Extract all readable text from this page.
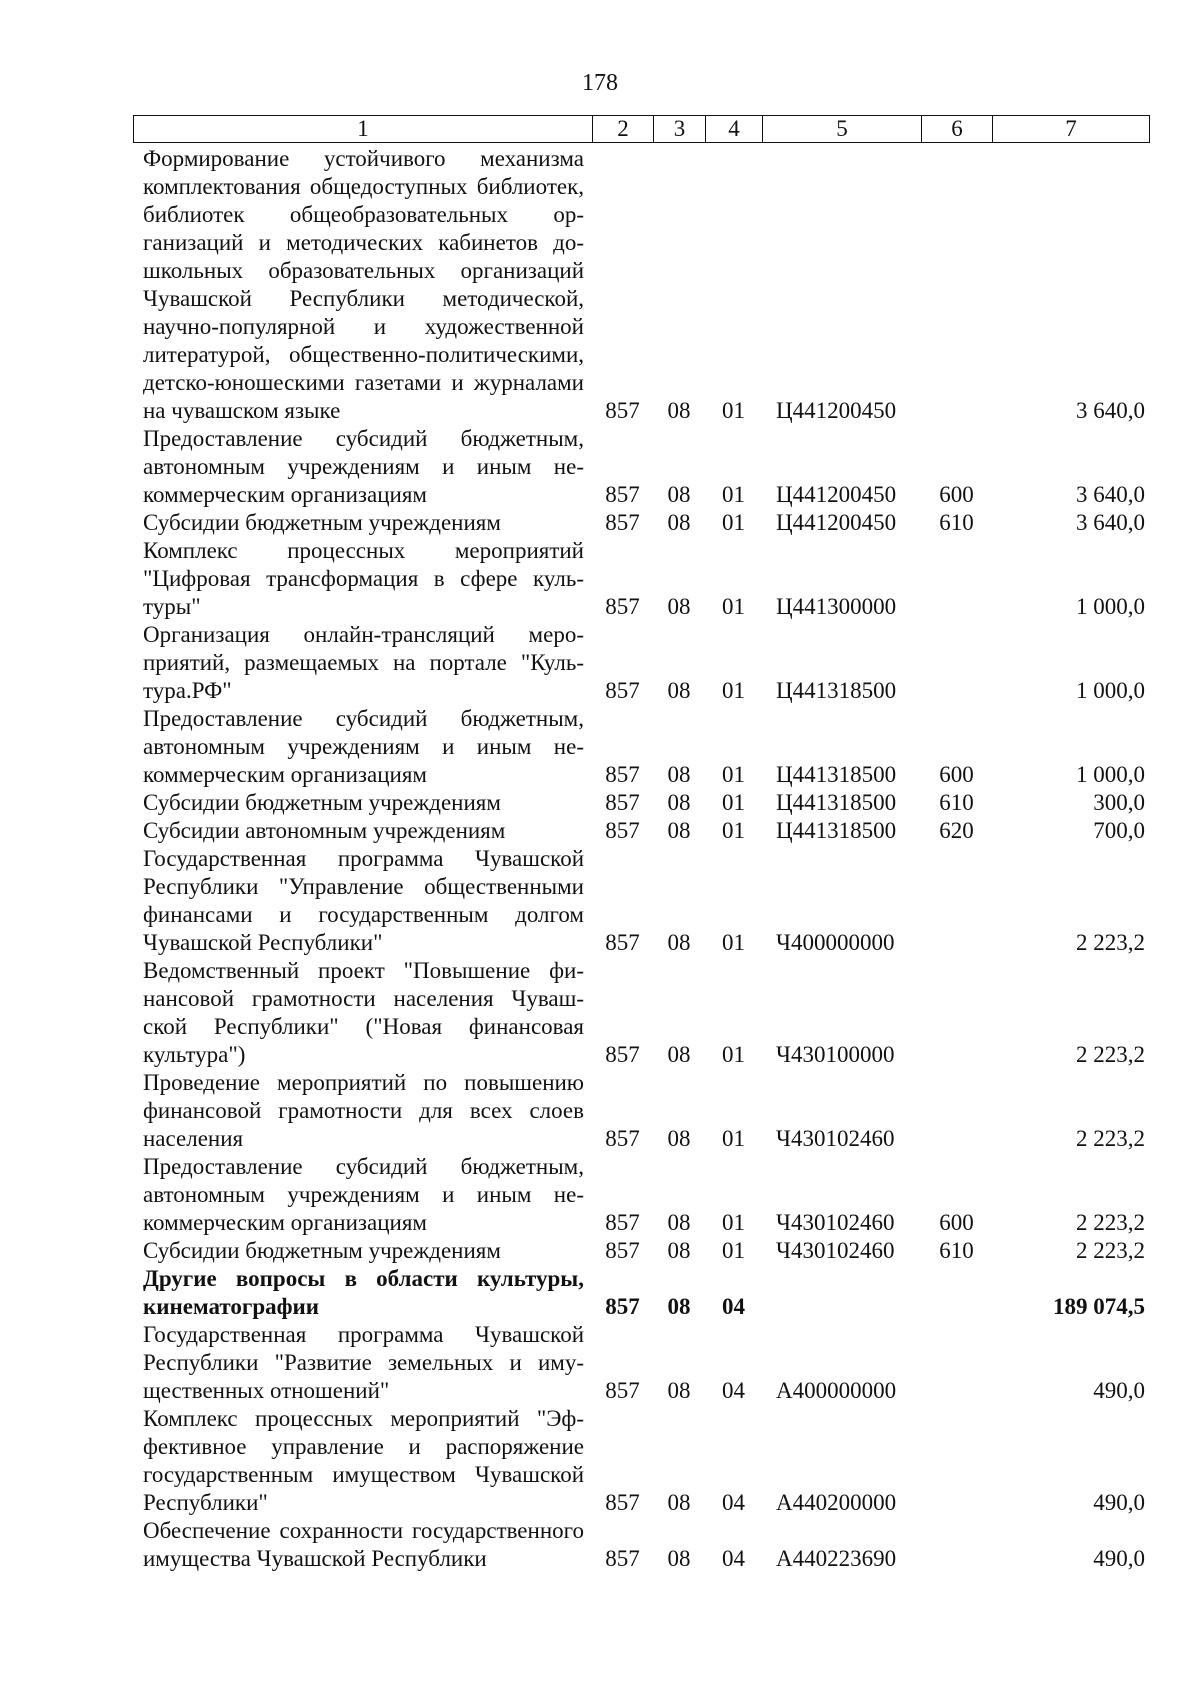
178
1	2	3	4	5	6	7
Формирование устойчивого механизма комплектования общедоступных библиотек, библиотек общеобразовательных организаций и методических кабинетов дошкольных образовательных организаций Чувашской Республики методической, научно-популярной и художественной литературой, общественно-политическими, детско-юношескими газетами и журналами на чувашском языке	857	08	01	Ц441200450		3 640,0
Предоставление субсидий бюджетным, автономным учреждениям и иным некоммерческим организациям	857	08	01	Ц441200450	600	3 640,0
Субсидии бюджетным учреждениям	857	08	01	Ц441200450	610	3 640,0
Комплекс процессных мероприятий "Цифровая трансформация в сфере культуры"	857	08	01	Ц441300000		1 000,0
Организация онлайн-трансляций мероприятий, размещаемых на портале "Культура.РФ"	857	08	01	Ц441318500		1 000,0
Предоставление субсидий бюджетным, автономным учреждениям и иным некоммерческим организациям	857	08	01	Ц441318500	600	1 000,0
Субсидии бюджетным учреждениям	857	08	01	Ц441318500	610	300,0
Субсидии автономным учреждениям	857	08	01	Ц441318500	620	700,0
Государственная программа Чувашской Республики "Управление общественными финансами и государственным долгом Чувашской Республики"	857	08	01	Ч400000000		2 223,2
Ведомственный проект "Повышение финансовой грамотности населения Чувашской Республики" ("Новая финансовая культура")	857	08	01	Ч430100000		2 223,2
Проведение мероприятий по повышению финансовой грамотности для всех слоев населения	857	08	01	Ч430102460		2 223,2
Предоставление субсидий бюджетным, автономным учреждениям и иным некоммерческим организациям	857	08	01	Ч430102460	600	2 223,2
Субсидии бюджетным учреждениям	857	08	01	Ч430102460	610	2 223,2
Другие вопросы в области культуры, кинематографии	857	08	04			189 074,5
Государственная программа Чувашской Республики "Развитие земельных и имущественных отношений"	857	08	04	А400000000		490,0
Комплекс процессных мероприятий "Эффективное управление и распоряжение государственным имуществом Чувашской Республики"	857	08	04	А440200000		490,0
Обеспечение сохранности государственного имущества Чувашской Республики	857	08	04	А440223690		490,0
